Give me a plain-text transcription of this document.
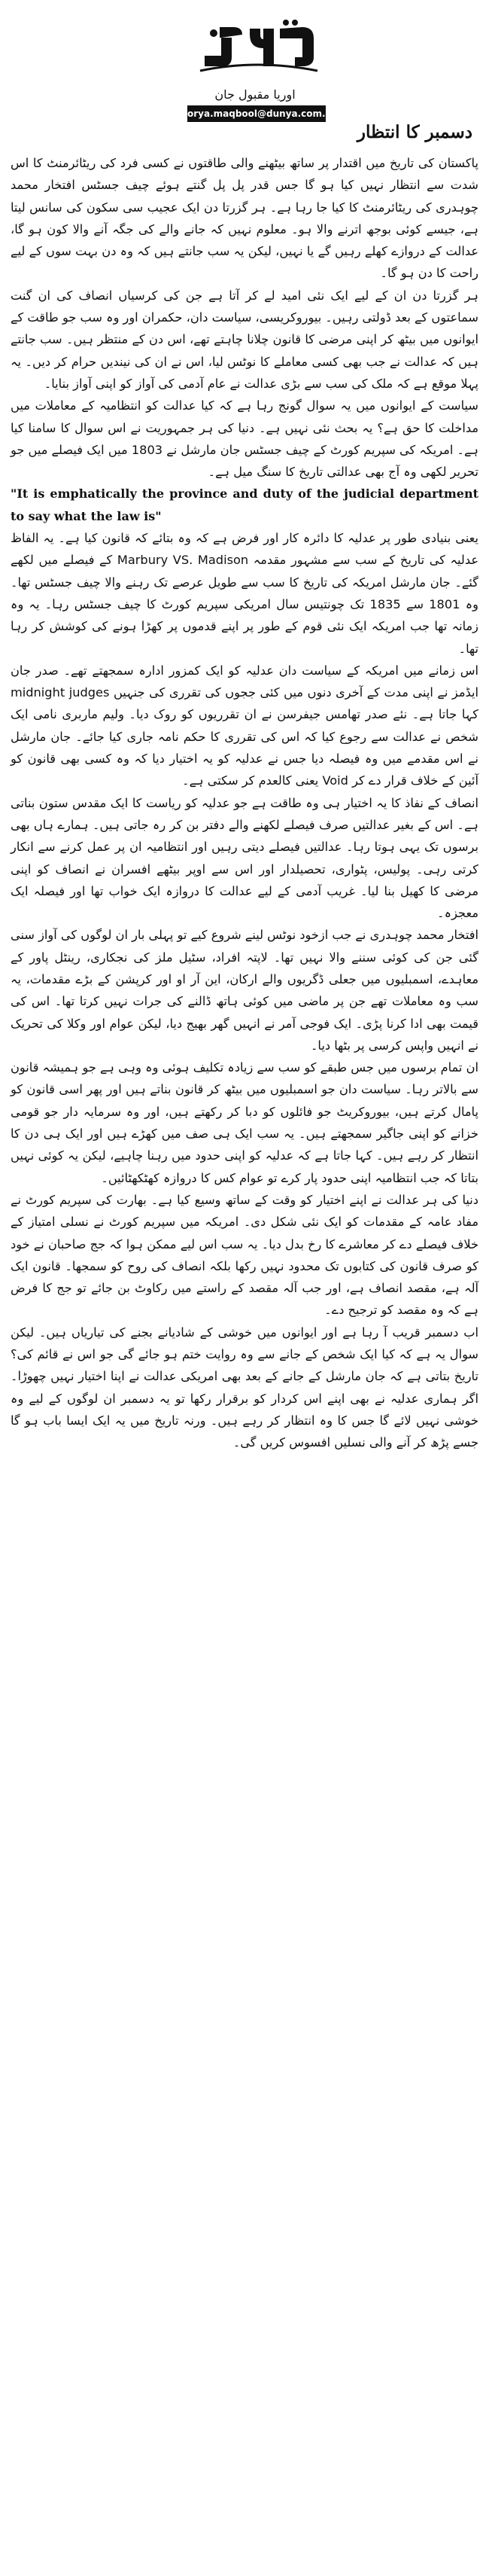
اوریا مقبول جان
orya.maqbool@dunya.com.pk
دسمبر کا انتظار

پاکستان کی تاریخ میں اقتدار پر ساتھ بیٹھنے والی طاقتوں نے کسی فرد کی ریٹائرمنٹ کا اس شدت سے انتظار نہیں کیا ہو گا جس قدر پل پل گنتے ہوئے چیف جسٹس افتخار محمد چوہدری کی ریٹائرمنٹ کا کیا جا رہا ہے۔ ہر گزرتا دن ایک عجیب سی سکون کی سانس لیتا ہے، جیسے کوئی بوجھ اترنے والا ہو۔ معلوم نہیں کہ جانے والے کی جگہ آنے والا کون ہو گا، عدالت کے دروازے کھلے رہیں گے یا نہیں، لیکن یہ سب جانتے ہیں کہ وہ دن بہت سوں کے لیے راحت کا دن ہو گا۔

ہر گزرتا دن ان کے لیے ایک نئی امید لے کر آتا ہے جن کی کرسیاں انصاف کی ان گنت سماعتوں کے بعد ڈولتی رہیں۔ بیوروکریسی، سیاست دان، حکمران اور وہ سب جو طاقت کے ایوانوں میں بیٹھ کر اپنی مرضی کا قانون چلانا چاہتے تھے، اس دن کے منتظر ہیں۔ سب جانتے ہیں کہ عدالت نے جب بھی کسی معاملے کا نوٹس لیا، اس نے ان کی نیندیں حرام کر دیں۔ یہ پہلا موقع ہے کہ ملک کی سب سے بڑی عدالت نے عام آدمی کی آواز کو اپنی آواز بنایا۔

سیاست کے ایوانوں میں یہ سوال گونج رہا ہے کہ کیا عدالت کو انتظامیہ کے معاملات میں مداخلت کا حق ہے؟ یہ بحث نئی نہیں ہے۔ دنیا کی ہر جمہوریت نے اس سوال کا سامنا کیا ہے۔ امریکہ کی سپریم کورٹ کے چیف جسٹس جان مارشل نے 1803 میں ایک فیصلے میں جو تحریر لکھی وہ آج بھی عدالتی تاریخ کا سنگ میل ہے۔

"It is emphatically the province and duty of the judicial department to say what the law is"

یعنی بنیادی طور پر عدلیہ کا دائرہ کار اور فرض ہے کہ وہ بتائے کہ قانون کیا ہے۔ یہ الفاظ عدلیہ کی تاریخ کے سب سے مشہور مقدمہ Marbury VS. Madison کے فیصلے میں لکھے گئے۔ جان مارشل امریکہ کی تاریخ کا سب سے طویل عرصے تک رہنے والا چیف جسٹس تھا۔ وہ 1801 سے 1835 تک چونتیس سال امریکی سپریم کورٹ کا چیف جسٹس رہا۔ یہ وہ زمانہ تھا جب امریکہ ایک نئی قوم کے طور پر اپنے قدموں پر کھڑا ہونے کی کوشش کر رہا تھا۔

اس زمانے میں امریکہ کے سیاست دان عدلیہ کو ایک کمزور ادارہ سمجھتے تھے۔ صدر جان ایڈمز نے اپنی مدت کے آخری دنوں میں کئی ججوں کی تقرری کی جنہیں midnight judges کہا جاتا ہے۔ نئے صدر تھامس جیفرسن نے ان تقرریوں کو روک دیا۔ ولیم ماربری نامی ایک شخص نے عدالت سے رجوع کیا کہ اس کی تقرری کا حکم نامہ جاری کیا جائے۔ جان مارشل نے اس مقدمے میں وہ فیصلہ دیا جس نے عدلیہ کو یہ اختیار دیا کہ وہ کسی بھی قانون کو آئین کے خلاف قرار دے کر Void یعنی کالعدم کر سکتی ہے۔

انصاف کے نفاذ کا یہ اختیار ہی وہ طاقت ہے جو عدلیہ کو ریاست کا ایک مقدس ستون بناتی ہے۔ اس کے بغیر عدالتیں صرف فیصلے لکھنے والے دفتر بن کر رہ جاتی ہیں۔ ہمارے ہاں بھی برسوں تک یہی ہوتا رہا۔ عدالتیں فیصلے دیتی رہیں اور انتظامیہ ان پر عمل کرنے سے انکار کرتی رہی۔ پولیس، پٹواری، تحصیلدار اور اس سے اوپر بیٹھے افسران نے انصاف کو اپنی مرضی کا کھیل بنا لیا۔ غریب آدمی کے لیے عدالت کا دروازہ ایک خواب تھا اور فیصلہ ایک معجزہ۔

افتخار محمد چوہدری نے جب ازخود نوٹس لینے شروع کیے تو پہلی بار ان لوگوں کی آواز سنی گئی جن کی کوئی سننے والا نہیں تھا۔ لاپتہ افراد، سٹیل ملز کی نجکاری، رینٹل پاور کے معاہدے، اسمبلیوں میں جعلی ڈگریوں والے ارکان، این آر او اور کرپشن کے بڑے مقدمات، یہ سب وہ معاملات تھے جن پر ماضی میں کوئی ہاتھ ڈالنے کی جرات نہیں کرتا تھا۔ اس کی قیمت بھی ادا کرنا پڑی۔ ایک فوجی آمر نے انہیں گھر بھیج دیا، لیکن عوام اور وکلا کی تحریک نے انہیں واپس کرسی پر بٹھا دیا۔

ان تمام برسوں میں جس طبقے کو سب سے زیادہ تکلیف ہوئی وہ وہی ہے جو ہمیشہ قانون سے بالاتر رہا۔ سیاست دان جو اسمبلیوں میں بیٹھ کر قانون بناتے ہیں اور پھر اسی قانون کو پامال کرتے ہیں، بیوروکریٹ جو فائلوں کو دبا کر رکھتے ہیں، اور وہ سرمایہ دار جو قومی خزانے کو اپنی جاگیر سمجھتے ہیں۔ یہ سب ایک ہی صف میں کھڑے ہیں اور ایک ہی دن کا انتظار کر رہے ہیں۔ کہا جاتا ہے کہ عدلیہ کو اپنی حدود میں رہنا چاہیے، لیکن یہ کوئی نہیں بتاتا کہ جب انتظامیہ اپنی حدود پار کرے تو عوام کس کا دروازہ کھٹکھٹائیں۔

دنیا کی ہر عدالت نے اپنے اختیار کو وقت کے ساتھ وسیع کیا ہے۔ بھارت کی سپریم کورٹ نے مفاد عامہ کے مقدمات کو ایک نئی شکل دی۔ امریکہ میں سپریم کورٹ نے نسلی امتیاز کے خلاف فیصلے دے کر معاشرے کا رخ بدل دیا۔ یہ سب اس لیے ممکن ہوا کہ جج صاحبان نے خود کو صرف قانون کی کتابوں تک محدود نہیں رکھا بلکہ انصاف کی روح کو سمجھا۔ قانون ایک آلہ ہے، مقصد انصاف ہے، اور جب آلہ مقصد کے راستے میں رکاوٹ بن جائے تو جج کا فرض ہے کہ وہ مقصد کو ترجیح دے۔

اب دسمبر قریب آ رہا ہے اور ایوانوں میں خوشی کے شادیانے بجنے کی تیاریاں ہیں۔ لیکن سوال یہ ہے کہ کیا ایک شخص کے جانے سے وہ روایت ختم ہو جائے گی جو اس نے قائم کی؟ تاریخ بتاتی ہے کہ جان مارشل کے جانے کے بعد بھی امریکی عدالت نے اپنا اختیار نہیں چھوڑا۔ اگر ہماری عدلیہ نے بھی اپنے اس کردار کو برقرار رکھا تو یہ دسمبر ان لوگوں کے لیے وہ خوشی نہیں لائے گا جس کا وہ انتظار کر رہے ہیں۔ ورنہ تاریخ میں یہ ایک ایسا باب ہو گا جسے پڑھ کر آنے والی نسلیں افسوس کریں گی۔
